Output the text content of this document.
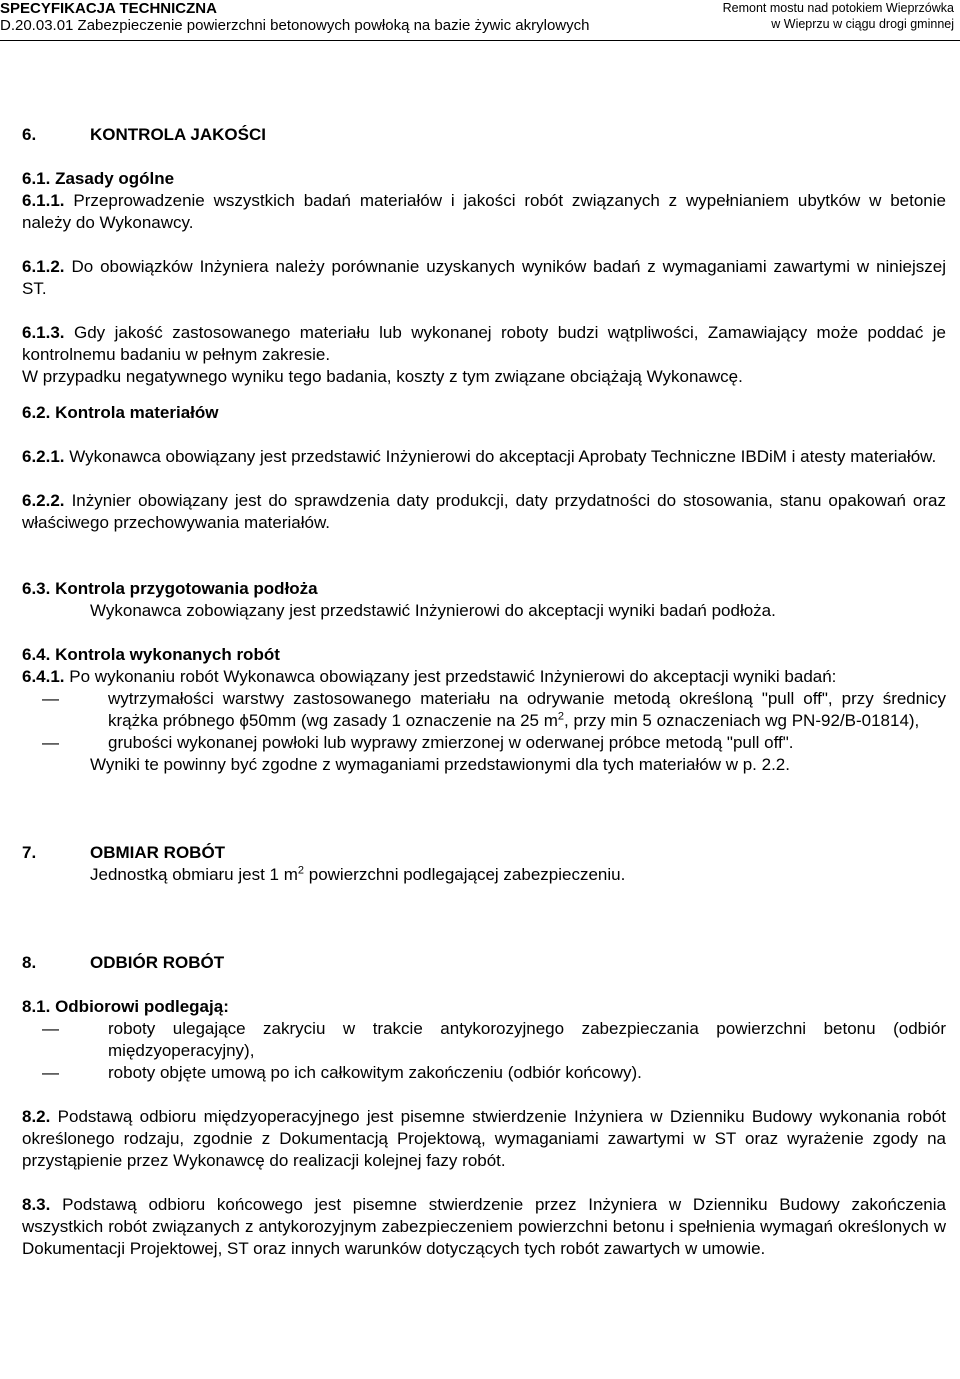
SPECYFIKACJA TECHNICZNA
D.20.03.01 Zabezpieczenie powierzchni betonowych powłoką na bazie żywic akrylowych
Remont mostu nad potokiem Wieprzówka
w Wieprzu w ciągu drogi gminnej
6.	KONTROLA JAKOŚCI

6.1. Zasady ogólne

6.1.1. Przeprowadzenie wszystkich badań materiałów i jakości robót związanych z wypełnianiem ubytków w betonie należy do Wykonawcy.

6.1.2. Do obowiązków Inżyniera należy porównanie uzyskanych wyników badań z wymaganiami zawartymi w niniejszej ST.

6.1.3. Gdy jakość zastosowanego materiału lub wykonanej roboty budzi wątpliwości, Zamawiający może poddać je kontrolnemu badaniu w pełnym zakresie.

W przypadku negatywnego wyniku tego badania, koszty z tym związane obciążają Wykonawcę.

6.2. Kontrola materiałów

6.2.1. Wykonawca obowiązany jest przedstawić Inżynierowi do akceptacji Aprobaty Techniczne IBDiM i atesty materiałów.

6.2.2. Inżynier obowiązany jest do sprawdzenia daty produkcji, daty przydatności do stosowania, stanu opakowań oraz właściwego przechowywania materiałów.

6.3. Kontrola przygotowania podłoża

Wykonawca zobowiązany jest przedstawić Inżynierowi do akceptacji wyniki badań podłoża.

6.4. Kontrola wykonanych robót

6.4.1. Po wykonaniu robót Wykonawca obowiązany jest przedstawić Inżynierowi do akceptacji wyniki badań:

—	wytrzymałości warstwy zastosowanego materiału na odrywanie metodą określoną "pull off", przy średnicy krążka próbnego ϕ50mm (wg zasady 1 oznaczenie na 25 $m^2$, przy min 5 oznaczeniach wg PN-92/B-01814),
—	grubości wykonanej powłoki lub wyprawy zmierzonej w oderwanej próbce metodą "pull off".

Wyniki te powinny być zgodne z wymaganiami przedstawionymi dla tych materiałów w p. 2.2.

7.	OBMIAR ROBÓT

Jednostką obmiaru jest 1 $m^2$ powierzchni podlegającej zabezpieczeniu.

8.	ODBIÓR ROBÓT

8.1. Odbiorowi podlegają:

—	roboty ulegające zakryciu w trakcie antykorozyjnego zabezpieczania powierzchni betonu (odbiór międzyoperacyjny),
—	roboty objęte umową po ich całkowitym zakończeniu (odbiór końcowy).

8.2. Podstawą odbioru międzyoperacyjnego jest pisemne stwierdzenie Inżyniera w Dzienniku Budowy wykonania robót określonego rodzaju, zgodnie z Dokumentacją Projektową, wymaganiami zawartymi w ST oraz wyrażenie zgody na przystąpienie przez Wykonawcę do realizacji kolejnej fazy robót.

8.3. Podstawą odbioru końcowego jest pisemne stwierdzenie przez Inżyniera w Dzienniku Budowy zakończenia wszystkich robót związanych z antykorozyjnym zabezpieczeniem powierzchni betonu i spełnienia wymagań określonych w Dokumentacji Projektowej, ST oraz innych warunków dotyczących tych robót zawartych w umowie.
